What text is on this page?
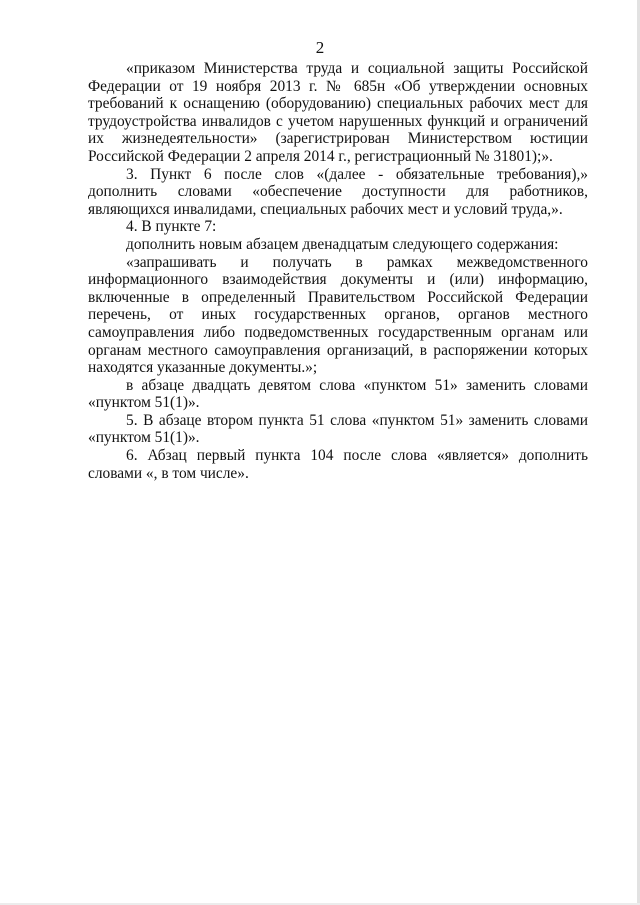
2

«приказом Министерства труда и социальной защиты Российской Федерации от 19 ноября 2013 г. № 685н «Об утверждении основных требований к оснащению (оборудованию) специальных рабочих мест для трудоустройства инвалидов с учетом нарушенных функций и ограничений их жизнедеятельности» (зарегистрирован Министерством юстиции Российской Федерации 2 апреля 2014 г., регистрационный № 31801);».

3. Пункт 6 после слов «(далее - обязательные требования),» дополнить словами «обеспечение доступности для работников, являющихся инвалидами, специальных рабочих мест и условий труда,».

4. В пункте 7:

дополнить новым абзацем двенадцатым следующего содержания:

«запрашивать и получать в рамках межведомственного информационного взаимодействия документы и (или) информацию, включенные в определенный Правительством Российской Федерации перечень, от иных государственных органов, органов местного самоуправления либо подведомственных государственным органам или органам местного самоуправления организаций, в распоряжении которых находятся указанные документы.»;

в абзаце двадцать девятом слова «пунктом 51» заменить словами «пунктом 51(1)».

5. В абзаце втором пункта 51 слова «пунктом 51» заменить словами «пунктом 51(1)».

6. Абзац первый пункта 104 после слова «является» дополнить словами «, в том числе».
